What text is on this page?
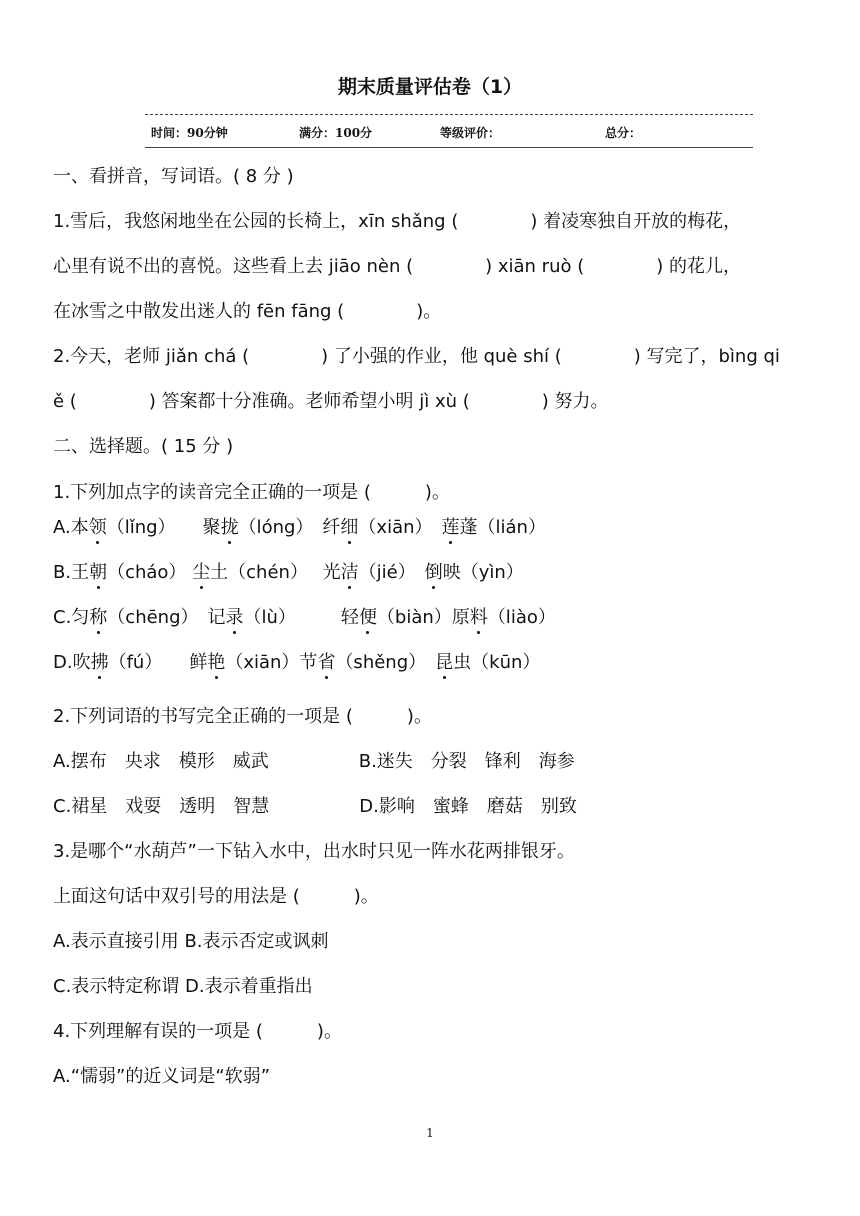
期末质量评估卷（1）
时间：90分钟	满分：100分	等级评价：	总分：
一、看拼音，写词语。( 8 分 )
1.雪后，我悠闲地坐在公园的长椅上，xīn shǎng (　　　　) 着凌寒独自开放的梅花，
心里有说不出的喜悦。这些看上去 jiāo nèn (　　　　) xiān ruò (　　　　) 的花儿，
在冰雪之中散发出迷人的 fēn fāng (　　　　)。
2.今天，老师 jiǎn chá (　　　　) 了小强的作业，他 què shí (　　　　) 写完了，bìng qi
ě (　　　　) 答案都十分准确。老师希望小明 jì xù (　　　　) 努力。
二、选择题。( 15 分 )
1.下列加点字的读音完全正确的一项是 (　　　)。
A.本领（lǐng）　　聚拢（lóng）　纤细（xiān）　莲蓬（lián）
B.王朝（cháo） 尘土（chén）　 光洁（jié）　倒映（yìn）
C.匀称（chēng）　记录（lù）　　　轻便（biàn）原料（liào）
D.吹拂（fú）　　鲜艳（xiān）节省（shěng）　昆虫（kūn）
2.下列词语的书写完全正确的一项是 (　　　)。
A.摆布　央求　模形　威武　　　　　B.迷失　分裂　锋利　海参
C.裙星　戏耍　透明　智慧　　　　　D.影响　蜜蜂　磨菇　别致
3.是哪个“水葫芦”一下钻入水中，出水时只见一阵水花两排银牙。
上面这句话中双引号的用法是 (　　　)。
A.表示直接引用 B.表示否定或讽刺
C.表示特定称谓 D.表示着重指出
4.下列理解有误的一项是 (　　　)。
A.“懦弱”的近义词是“软弱”
1
